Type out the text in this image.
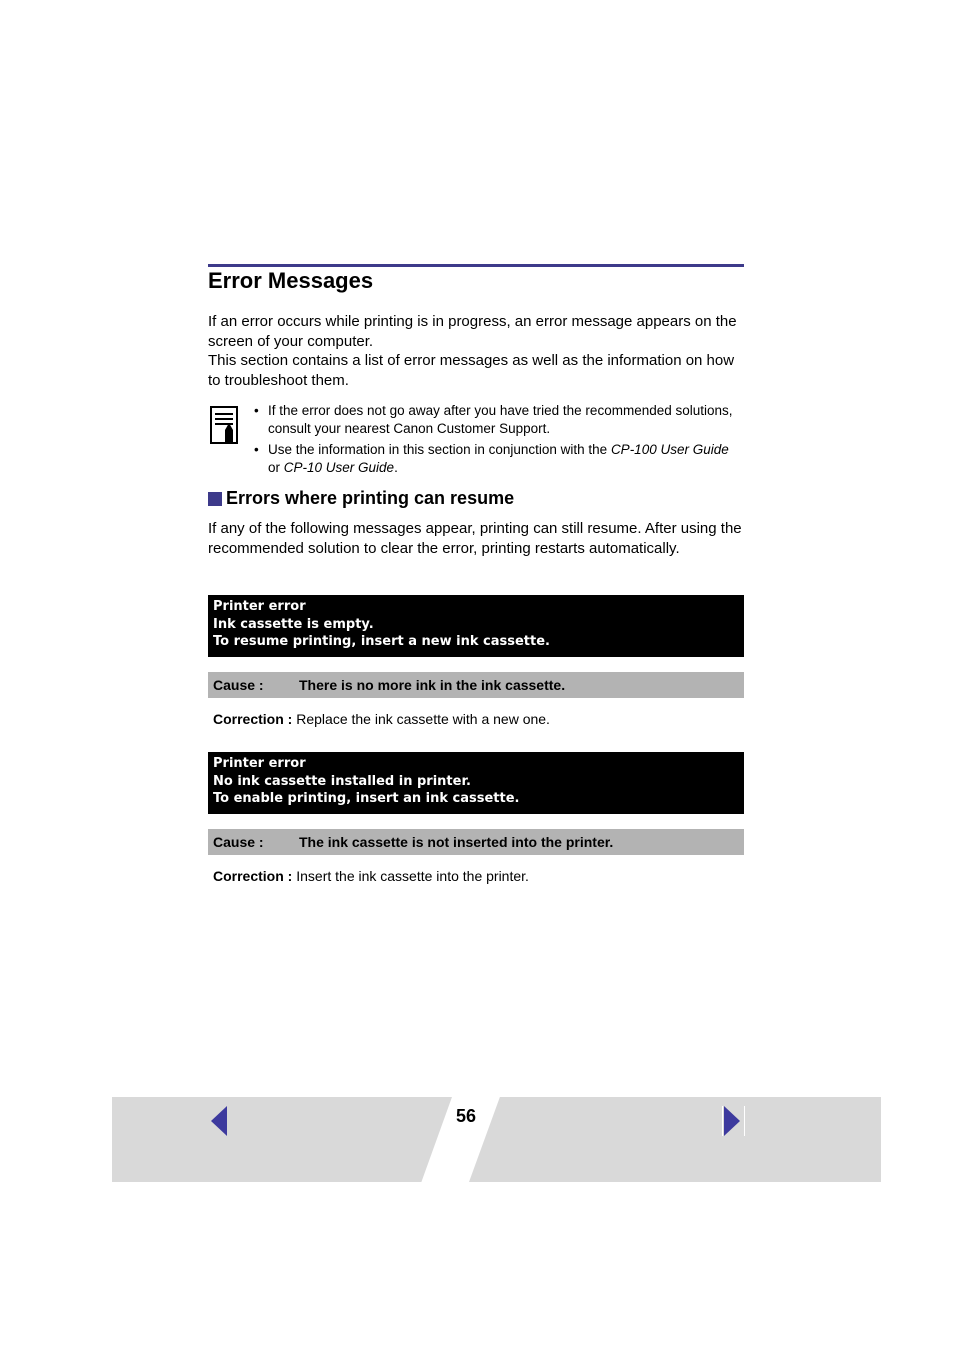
Error Messages

If an error occurs while printing is in progress, an error message appears on the screen of your computer.

This section contains a list of error messages as well as the information on how to troubleshoot them.

• If the error does not go away after you have tried the recommended solutions, consult your nearest Canon Customer Support.
• Use the information in this section in conjunction with the CP-100 User Guide or CP-10 User Guide.
Errors where printing can resume

If any of the following messages appear, printing can still resume. After using the recommended solution to clear the error, printing restarts automatically.

Printer error
Ink cassette is empty.
To resume printing, insert a new ink cassette.
Cause :	There is no more ink in the ink cassette.
Correction : Replace the ink cassette with a new one.
Printer error
No ink cassette installed in printer.
To enable printing, insert an ink cassette.
Cause :	The ink cassette is not inserted into the printer.
Correction : Insert the ink cassette into the printer.
56
